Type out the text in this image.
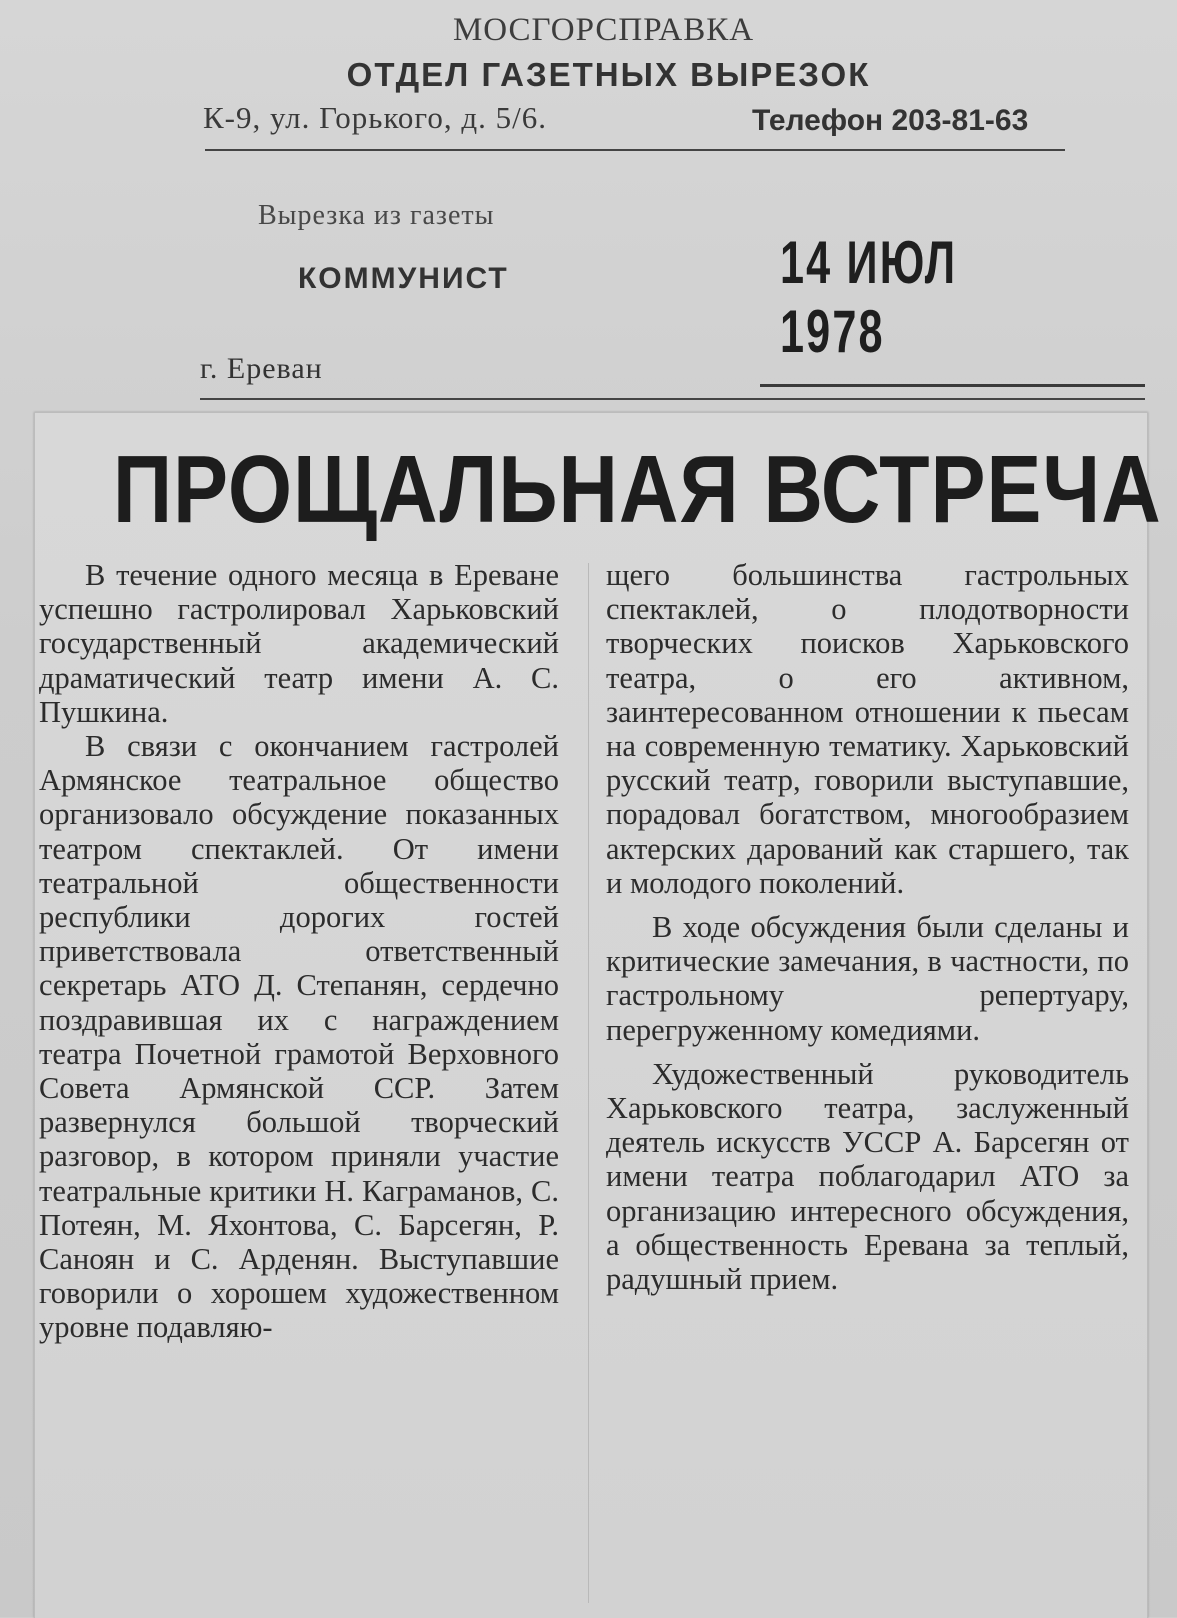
МОСГОРСПРАВКА
ОТДЕЛ ГАЗЕТНЫХ ВЫРЕЗОК
К-9, ул. Горького, д. 5/6.	Телефон 203-81-63
Вырезка из газеты
КОММУНИСТ	14 ИЮЛ 1978
г. Ереван
ПРОЩАЛЬНАЯ ВСТРЕЧА

В течение одного месяца в Ереване успешно гастролировал Харьковский государственный академический драматический театр имени А. С. Пушкина.

В связи с окончанием гастролей Армянское театральное общество организовало обсуждение показанных театром спектаклей. От имени театральной общественности республики дорогих гостей приветствовала ответственный секретарь АТО Д. Степанян, сердечно поздравившая их с награждением театра Почетной грамотой Верховного Совета Армянской ССР. Затем развернулся большой творческий разговор, в котором приняли участие театральные критики Н. Каграманов, С. Потеян, М. Яхонтова, С. Барсегян, Р. Саноян и С. Арденян. Выступавшие говорили о хорошем художественном уровне подавляю-

щего большинства гастрольных спектаклей, о плодотворности творческих поисков Харьковского театра, о его активном, заинтересованном отношении к пьесам на современную тематику. Харьковский русский театр, говорили выступавшие, порадовал богатством, многообразием актерских дарований как старшего, так и молодого поколений.

В ходе обсуждения были сделаны и критические замечания, в частности, по гастрольному репертуару, перегруженному комедиями.

Художественный руководитель Харьковского театра, заслуженный деятель искусств УССР А. Барсегян от имени театра поблагодарил АТО за организацию интересного обсуждения, а общественность Еревана за теплый, радушный прием.
